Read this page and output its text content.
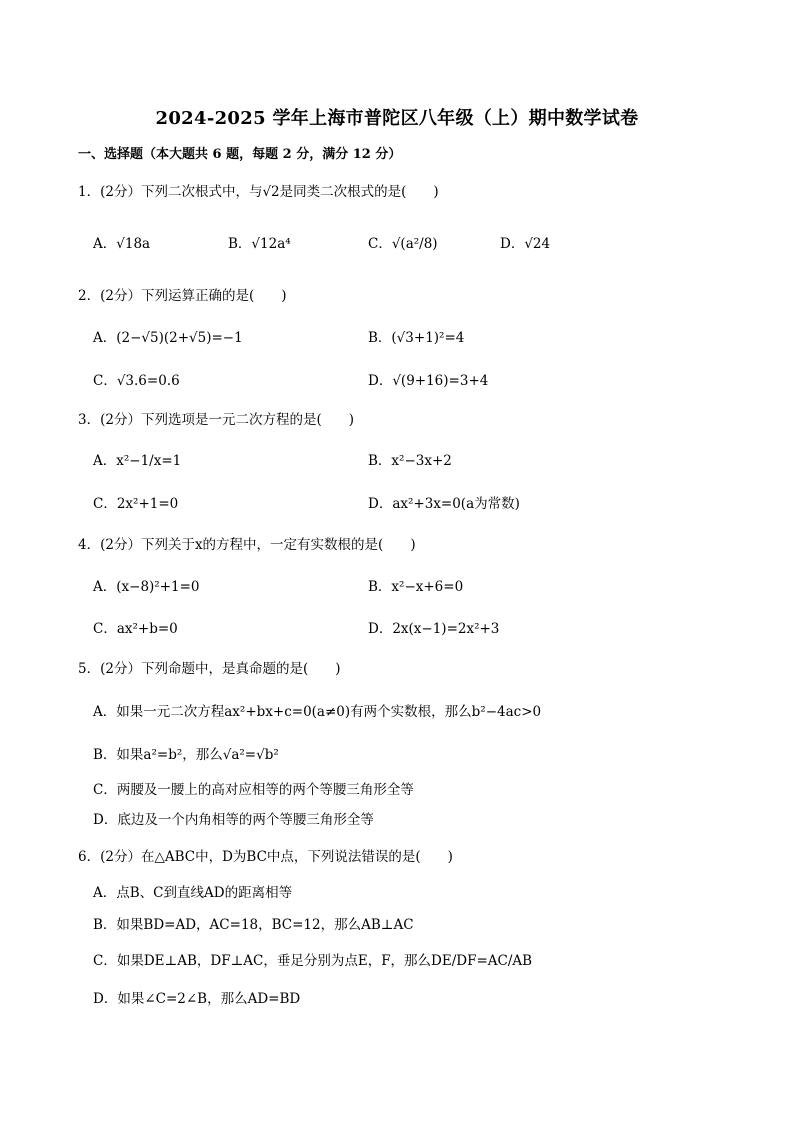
2024-2025 学年上海市普陀区八年级（上）期中数学试卷
一、选择题（本大题共 6 题，每题 2 分，满分 12 分）
1．(2分）下列二次根式中，与√2是同类二次根式的是(　　)
A．√18a	B．√12a⁴	C．√(a²/8)	D．√24
2．(2分）下列运算正确的是(　　)
A．(2−√5)(2+√5)=−1	B．(√3+1)²=4
C．√3.6=0.6	D．√(9+16)=3+4
3．(2分）下列选项是一元二次方程的是(　　)
A．x²−1/x=1	B．x²−3x+2
C．2x²+1=0	D．ax²+3x=0(a为常数)
4．(2分）下列关于x的方程中，一定有实数根的是(　　)
A．(x−8)²+1=0	B．x²−x+6=0
C．ax²+b=0	D．2x(x−1)=2x²+3
5．(2分）下列命题中，是真命题的是(　　)
A．如果一元二次方程ax²+bx+c=0(a≠0)有两个实数根，那么b²−4ac>0
B．如果a²=b²，那么√a²=√b²
C．两腰及一腰上的高对应相等的两个等腰三角形全等
D．底边及一个内角相等的两个等腰三角形全等
6．(2分）在△ABC中，D为BC中点，下列说法错误的是(　　)
A．点B、C到直线AD的距离相等
B．如果BD=AD，AC=18，BC=12，那么AB⊥AC
C．如果DE⊥AB，DF⊥AC，垂足分别为点E，F，那么DE/DF=AC/AB
D．如果∠C=2∠B，那么AD=BD
